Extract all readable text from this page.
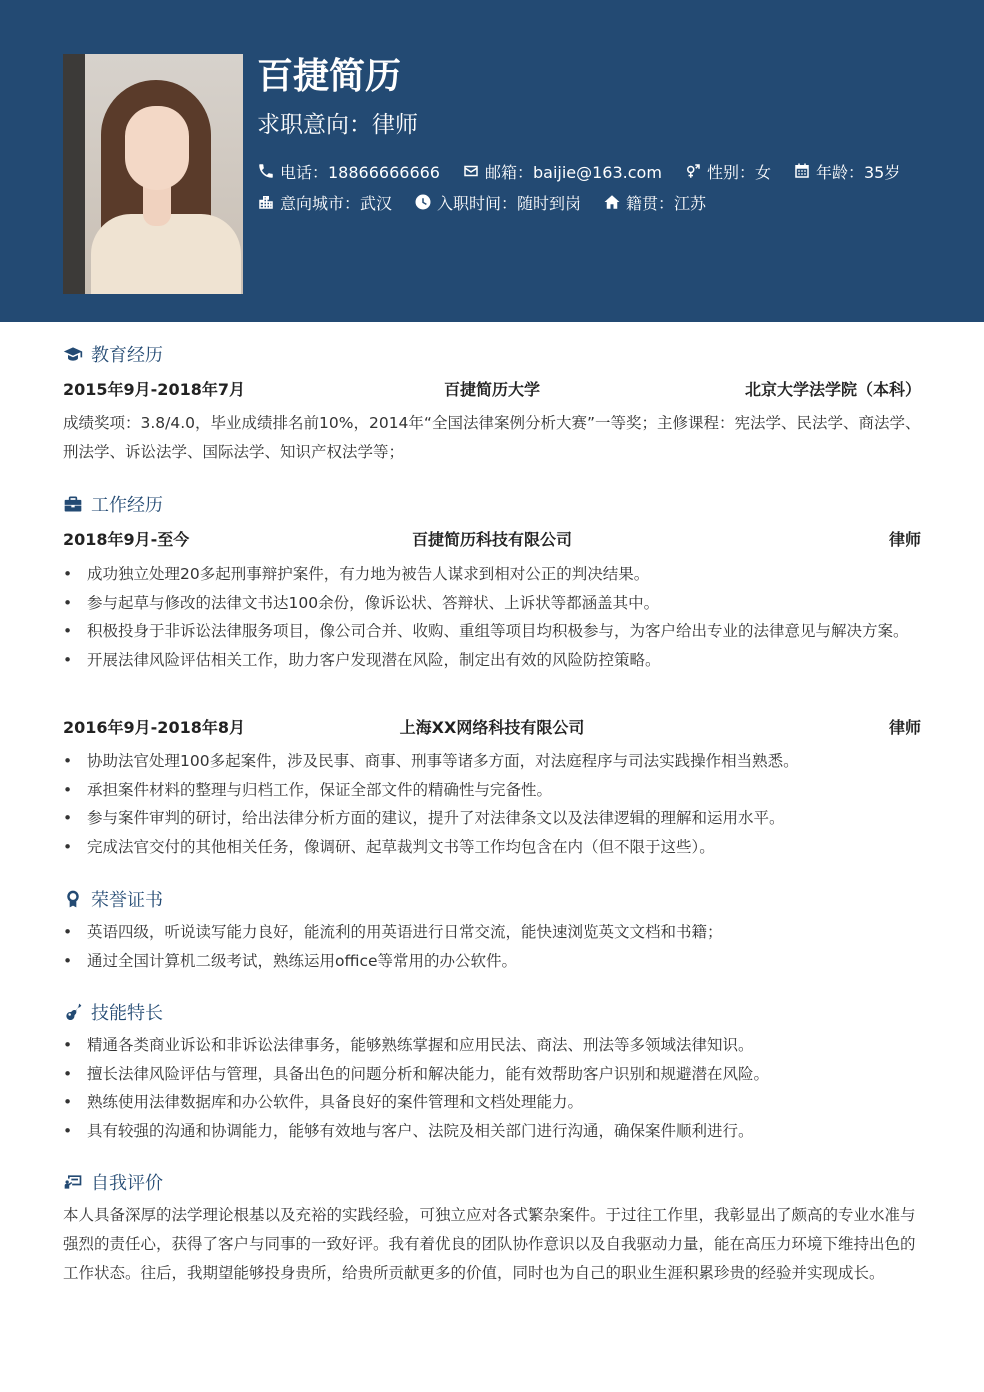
百捷简历
求职意向：律师
电话：18866666666	邮箱：baijie@163.com	性别：女	年龄：35岁
意向城市：武汉	入职时间：随时到岗	籍贯：江苏
教育经历
百捷简历大学
2015年9月-2018年7月	北京大学法学院（本科）
成绩奖项：3.8/4.0，毕业成绩排名前10%，2014年“全国法律案例分析大赛”一等奖；主修课程：宪法学、民法学、商法学、刑法学、诉讼法学、国际法学、知识产权法学等；
工作经历
百捷简历科技有限公司
2018年9月-至今	律师
• 成功独立处理20多起刑事辩护案件，有力地为被告人谋求到相对公正的判决结果。
• 参与起草与修改的法律文书达100余份，像诉讼状、答辩状、上诉状等都涵盖其中。
• 积极投身于非诉讼法律服务项目，像公司合并、收购、重组等项目均积极参与，为客户给出专业的法律意见与解决方案。
• 开展法律风险评估相关工作，助力客户发现潜在风险，制定出有效的风险防控策略。
上海XX网络科技有限公司
2016年9月-2018年8月	律师
• 协助法官处理100多起案件，涉及民事、商事、刑事等诸多方面，对法庭程序与司法实践操作相当熟悉。
• 承担案件材料的整理与归档工作，保证全部文件的精确性与完备性。
• 参与案件审判的研讨，给出法律分析方面的建议，提升了对法律条文以及法律逻辑的理解和运用水平。
• 完成法官交付的其他相关任务，像调研、起草裁判文书等工作均包含在内（但不限于这些）。
荣誉证书
• 英语四级，听说读写能力良好，能流利的用英语进行日常交流，能快速浏览英文文档和书籍；
• 通过全国计算机二级考试，熟练运用office等常用的办公软件。
技能特长
• 精通各类商业诉讼和非诉讼法律事务，能够熟练掌握和应用民法、商法、刑法等多领域法律知识。
• 擅长法律风险评估与管理，具备出色的问题分析和解决能力，能有效帮助客户识别和规避潜在风险。
• 熟练使用法律数据库和办公软件，具备良好的案件管理和文档处理能力。
• 具有较强的沟通和协调能力，能够有效地与客户、法院及相关部门进行沟通，确保案件顺利进行。
自我评价
本人具备深厚的法学理论根基以及充裕的实践经验，可独立应对各式繁杂案件。于过往工作里，我彰显出了颇高的专业水准与强烈的责任心，获得了客户与同事的一致好评。我有着优良的团队协作意识以及自我驱动力量，能在高压力环境下维持出色的工作状态。往后，我期望能够投身贵所，给贵所贡献更多的价值，同时也为自己的职业生涯积累珍贵的经验并实现成长。
